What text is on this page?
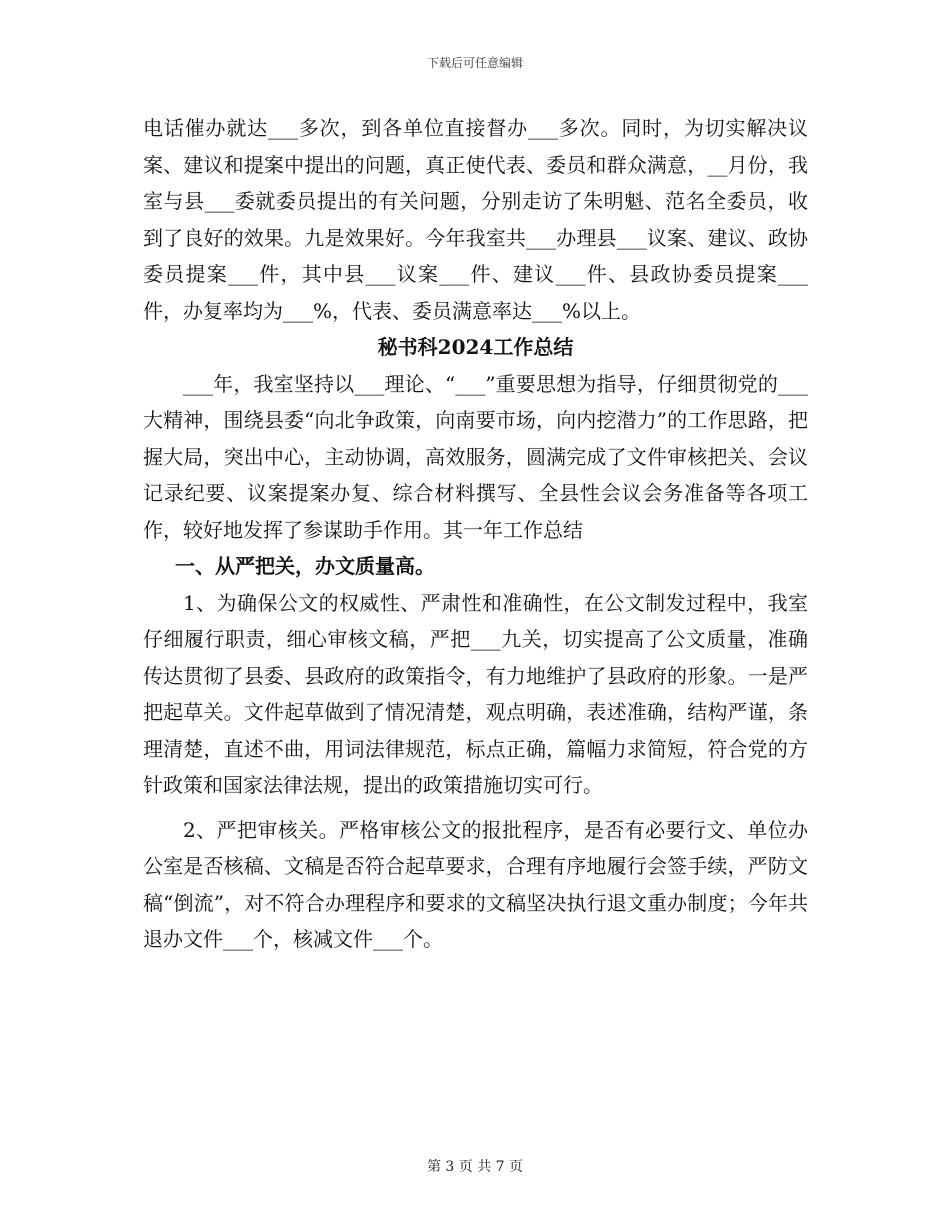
下载后可任意编辑

电话催办就达___多次，到各单位直接督办___多次。同时，为切实解决议案、建议和提案中提出的问题，真正使代表、委员和群众满意，__月份，我室与县___委就委员提出的有关问题，分别走访了朱明魁、范名全委员，收到了良好的效果。九是效果好。今年我室共___办理县___议案、建议、政协委员提案___件，其中县___议案___件、建议___件、县政协委员提案___件，办复率均为___%，代表、委员满意率达___%以上。

秘书科2024工作总结

___年，我室坚持以___理论、“___”重要思想为指导，仔细贯彻党的___大精神，围绕县委“向北争政策，向南要市场，向内挖潜力”的工作思路，把握大局，突出中心，主动协调，高效服务，圆满完成了文件审核把关、会议记录纪要、议案提案办复、综合材料撰写、全县性会议会务准备等各项工作，较好地发挥了参谋助手作用。其一年工作总结

一、从严把关，办文质量高。

1、为确保公文的权威性、严肃性和准确性，在公文制发过程中，我室仔细履行职责，细心审核文稿，严把___九关，切实提高了公文质量，准确传达贯彻了县委、县政府的政策指令，有力地维护了县政府的形象。一是严把起草关。文件起草做到了情况清楚，观点明确，表述准确，结构严谨，条理清楚，直述不曲，用词法律规范，标点正确，篇幅力求简短，符合党的方针政策和国家法律法规，提出的政策措施切实可行。

2、严把审核关。严格审核公文的报批程序，是否有必要行文、单位办公室是否核稿、文稿是否符合起草要求，合理有序地履行会签手续，严防文稿“倒流”，对不符合办理程序和要求的文稿坚决执行退文重办制度；今年共退办文件___个，核减文件___个。

第 3 页 共 7 页
